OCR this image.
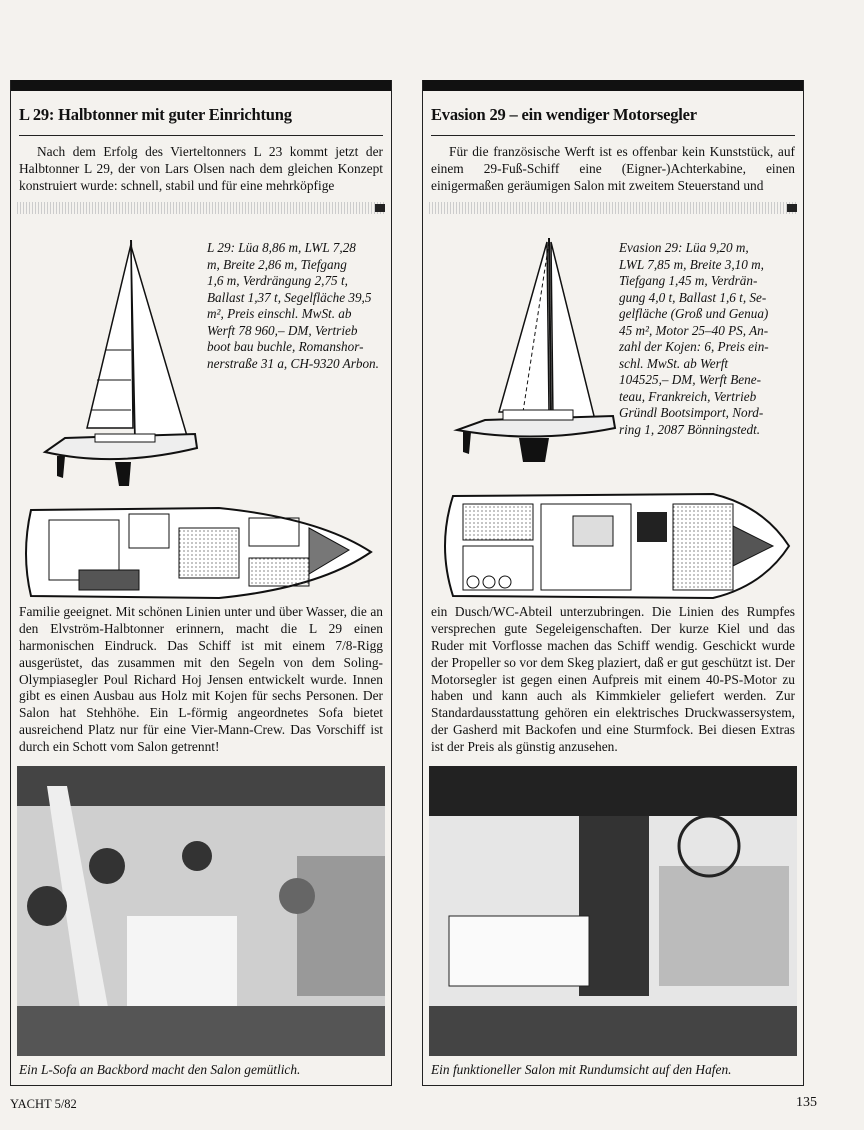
L 29: Halbtonner mit guter Einrichtung
Nach dem Erfolg des Vierteltonners L 23 kommt jetzt der Halbtonner L 29, der von Lars Olsen nach dem gleichen Konzept konstruiert wurde: schnell, stabil und für eine mehrköpfige
L 29: Lüa 8,86 m, LWL 7,28
m, Breite 2,86 m, Tiefgang
1,6 m, Verdrängung 2,75 t,
Ballast 1,37 t, Segelfläche 39,5
m², Preis einschl. MwSt. ab
Werft 78 960,– DM, Vertrieb
boot bau buchle, Romanshor-
nerstraße 31 a, CH-9320 Arbon.
Familie geeignet. Mit schönen Linien unter und über Wasser, die an den Elvström-Halbtonner erinnern, macht die L 29 einen harmonischen Eindruck. Das Schiff ist mit einem 7/8-Rigg ausgerüstet, das zusammen mit den Segeln von dem Soling-Olympiasegler Poul Richard Hoj Jensen entwickelt wurde. Innen gibt es einen Ausbau aus Holz mit Kojen für sechs Personen. Der Salon hat Stehhöhe. Ein L-förmig angeordnetes Sofa bietet ausreichend Platz nur für eine Vier-Mann-Crew. Das Vorschiff ist durch ein Schott vom Salon getrennt!
Ein L-Sofa an Backbord macht den Salon gemütlich.
Evasion 29 – ein wendiger Motorsegler
Für die französische Werft ist es offenbar kein Kunststück, auf einem 29-Fuß-Schiff eine (Eigner-)Achterkabine, einen einigermaßen geräumigen Salon mit zweitem Steuerstand und
Evasion 29: Lüa 9,20 m,
LWL 7,85 m, Breite 3,10 m,
Tiefgang 1,45 m, Verdrän-
gung 4,0 t, Ballast 1,6 t, Se-
gelfläche (Groß und Genua)
45 m², Motor 25–40 PS, An-
zahl der Kojen: 6, Preis ein-
schl. MwSt. ab Werft
104525,– DM, Werft Bene-
teau, Frankreich, Vertrieb
Gründl Bootsimport, Nord-
ring 1, 2087 Bönningstedt.
ein Dusch/WC-Abteil unterzubringen. Die Linien des Rumpfes versprechen gute Segeleigenschaften. Der kurze Kiel und das Ruder mit Vorflosse machen das Schiff wendig. Geschickt wurde der Propeller so vor dem Skeg plaziert, daß er gut geschützt ist. Der Motorsegler ist gegen einen Aufpreis mit einem 40-PS-Motor zu haben und kann auch als Kimmkieler geliefert werden. Zur Standardausstattung gehören ein elektrisches Druckwassersystem, der Gasherd mit Backofen und eine Sturmfock. Bei diesen Extras ist der Preis als günstig anzusehen.
Ein funktioneller Salon mit Rundumsicht auf den Hafen.
YACHT 5/82	135
